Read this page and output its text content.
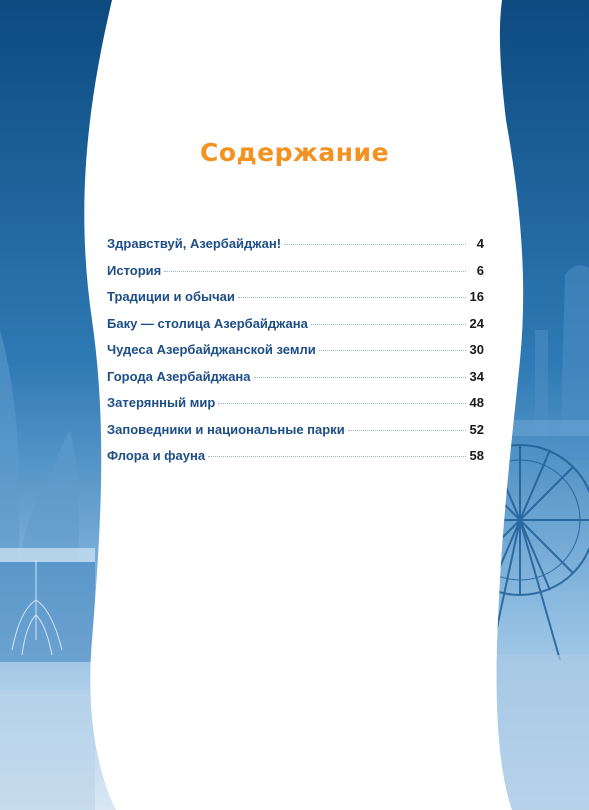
Содержание
Здравствуй, Азербайджан!	4
История	6
Традиции и обычаи	16
Баку — столица Азербайджана	24
Чудеса Азербайджанской земли	30
Города Азербайджана	34
Затерянный мир	48
Заповедники и национальные парки	52
Флора и фауна	58
